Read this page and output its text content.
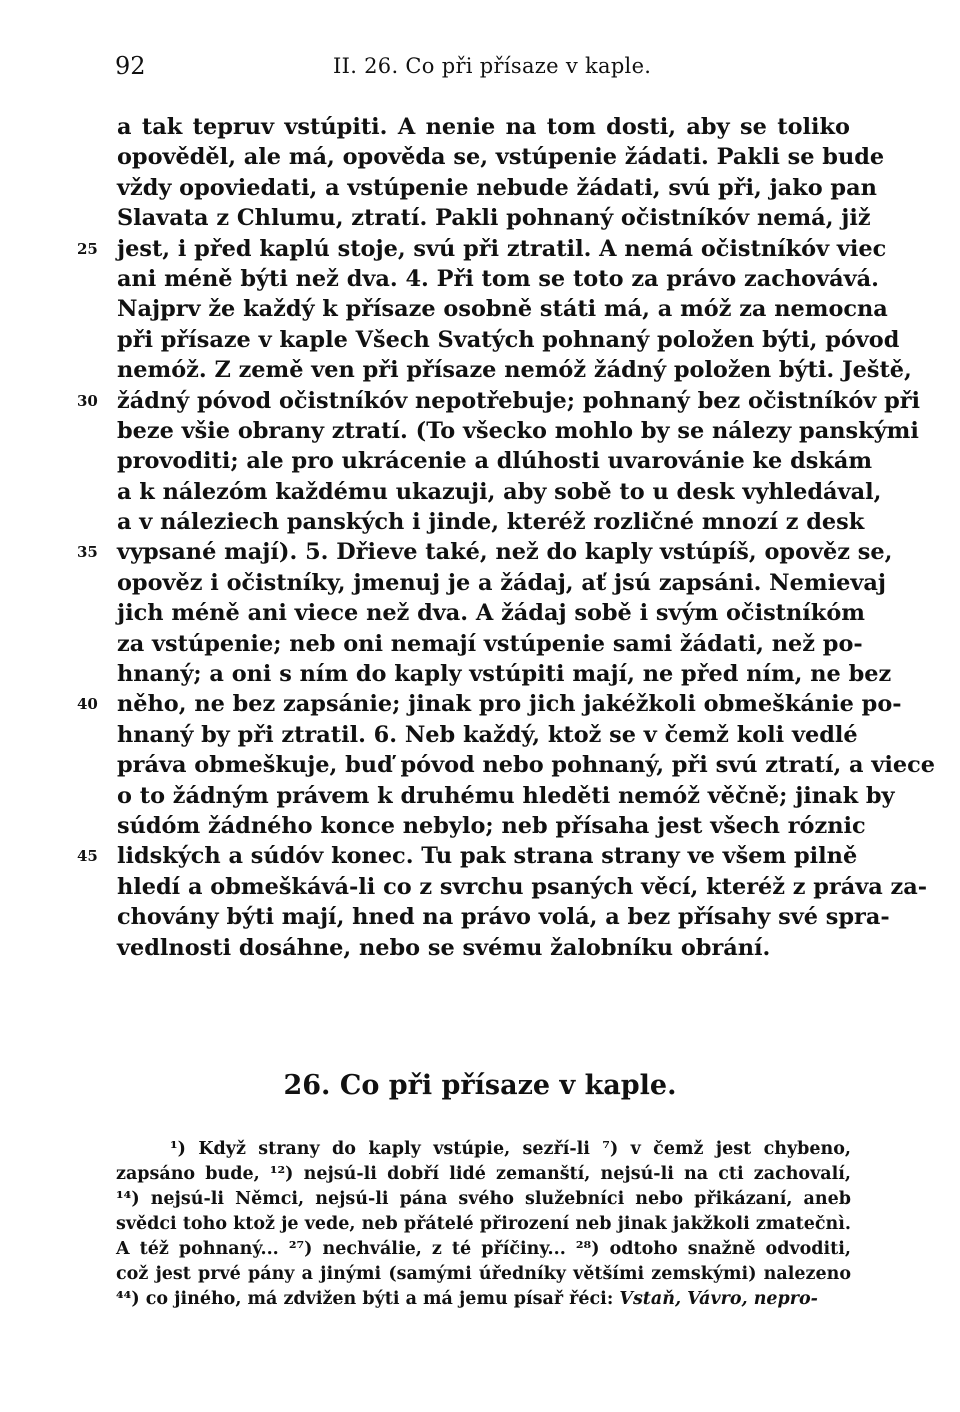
92	II. 26. Co při přísaze v kaple.
a tak tepruv vstúpiti. A nenie na tom dosti, aby se toliko
opověděl, ale má, opověda se, vstúpenie žádati. Pakli se bude
vždy opoviedati, a vstúpenie nebude žádati, svú při, jako pan
Slavata z Chlumu, ztratí. Pakli pohnaný očistníkóv nemá, již
25 jest, i před kaplú stoje, svú při ztratil. A nemá očistníkóv viec
ani méně býti než dva. 4. Při tom se toto za právo zachovává.
Najprv že každý k přísaze osobně státi má, a móž za nemocna
při přísaze v kaple Všech Svatých pohnaný položen býti, póvod
nemóž. Z země ven při přísaze nemóž žádný položen býti. Ještě,
30 žádný póvod očistníkóv nepotřebuje; pohnaný bez očistníkóv při
beze všie obrany ztratí. (To všecko mohlo by se nálezy panskými
provoditi; ale pro ukrácenie a dlúhosti uvarovánie ke dskám
a k nálezóm každému ukazuji, aby sobě to u desk vyhledával,
a v náleziech panských i jinde, kteréž rozličné mnozí z desk
35 vypsané mají). 5. Dřieve také, než do kaply vstúpíš, opověz se,
opověz i očistníky, jmenuj je a žádaj, ať jsú zapsáni. Nemievaj
jich méně ani viece než dva. A žádaj sobě i svým očistníkóm
za vstúpenie; neb oni nemají vstúpenie sami žádati, než po-
hnaný; a oni s ním do kaply vstúpiti mají, ne před ním, ne bez
40 něho, ne bez zapsánie; jinak pro jich jakéžkoli obmeškánie po-
hnaný by při ztratil. 6. Neb každý, ktož se v čemž koli vedlé
práva obmeškuje, buď póvod nebo pohnaný, při svú ztratí, a viece
o to žádným právem k druhému hleděti nemóž věčně; jinak by
súdóm žádného konce nebylo; neb přísaha jest všech róznic
45 lidských a súdóv konec. Tu pak strana strany ve všem pilně
hledí a obmeškává-li co z svrchu psaných věcí, kteréž z práva za-
chovány býti mají, hned na právo volá, a bez přísahy své spra-
vedlnosti dosáhne, nebo se svému žalobníku obrání.
26. Co při přísaze v kaple.
¹) Když strany do kaply vstúpie, sezří-li ⁷) v čemž jest chybeno,
zapsáno bude, ¹²) nejsú-li dobří lidé zemanští, nejsú-li na cti zachovalí,
¹⁴) nejsú-li Němci, nejsú-li pána svého služebníci nebo přikázaní, aneb
svědci toho ktož je vede, neb přátelé přirození neb jinak jakžkoli zmatečnì.
A též pohnaný... ²⁷) nechválie, z té příčiny... ²⁸) odtoho snažně odvoditi,
což jest prvé pány a jinými (samými úředníky většími zemskými) nalezeno
⁴⁴) co jiného, má zdvižen býti a má jemu písař řéci: Vstaň, Vávro, nepro-
